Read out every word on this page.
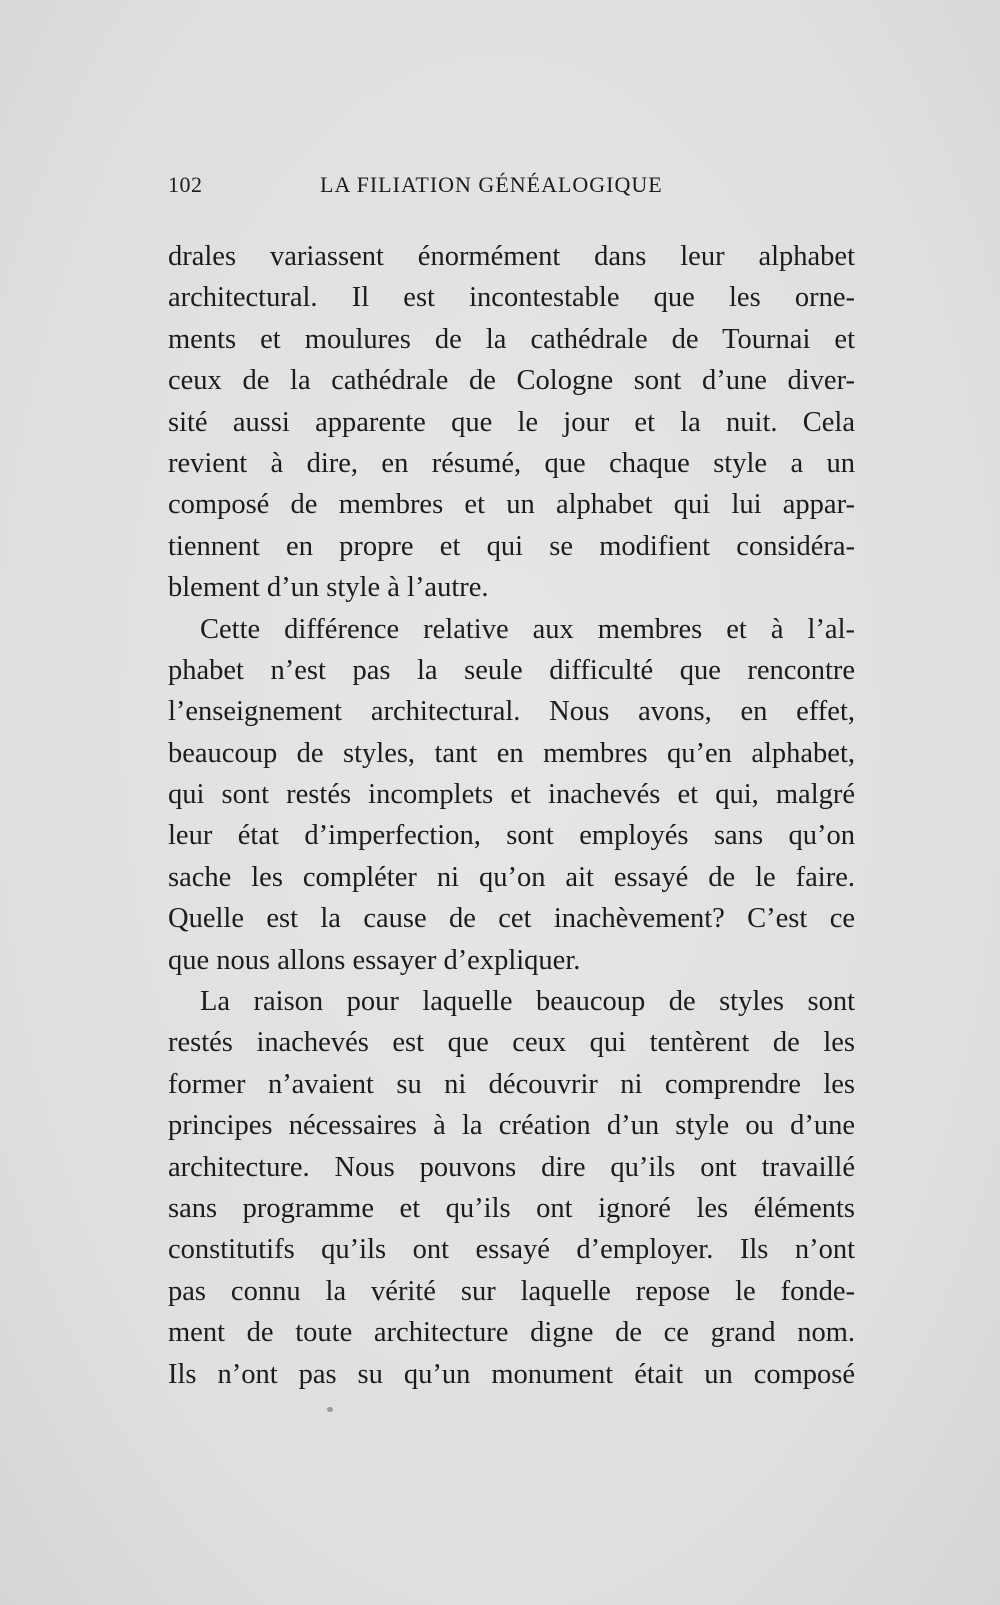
102	LA FILIATION GÉNÉALOGIQUE
drales variassent énormément dans leur alphabet
architectural. Il est incontestable que les orne-
ments et moulures de la cathédrale de Tournai et
ceux de la cathédrale de Cologne sont d’une diver-
sité aussi apparente que le jour et la nuit. Cela
revient à dire, en résumé, que chaque style a un
composé de membres et un alphabet qui lui appar-
tiennent en propre et qui se modifient considéra-
blement d’un style à l’autre.
Cette différence relative aux membres et à l’al-
phabet n’est pas la seule difficulté que rencontre
l’enseignement architectural. Nous avons, en effet,
beaucoup de styles, tant en membres qu’en alphabet,
qui sont restés incomplets et inachevés et qui, malgré
leur état d’imperfection, sont employés sans qu’on
sache les compléter ni qu’on ait essayé de le faire.
Quelle est la cause de cet inachèvement? C’est ce
que nous allons essayer d’expliquer.
La raison pour laquelle beaucoup de styles sont
restés inachevés est que ceux qui tentèrent de les
former n’avaient su ni découvrir ni comprendre les
principes nécessaires à la création d’un style ou d’une
architecture. Nous pouvons dire qu’ils ont travaillé
sans programme et qu’ils ont ignoré les éléments
constitutifs qu’ils ont essayé d’employer. Ils n’ont
pas connu la vérité sur laquelle repose le fonde-
ment de toute architecture digne de ce grand nom.
Ils n’ont pas su qu’un monument était un composé
